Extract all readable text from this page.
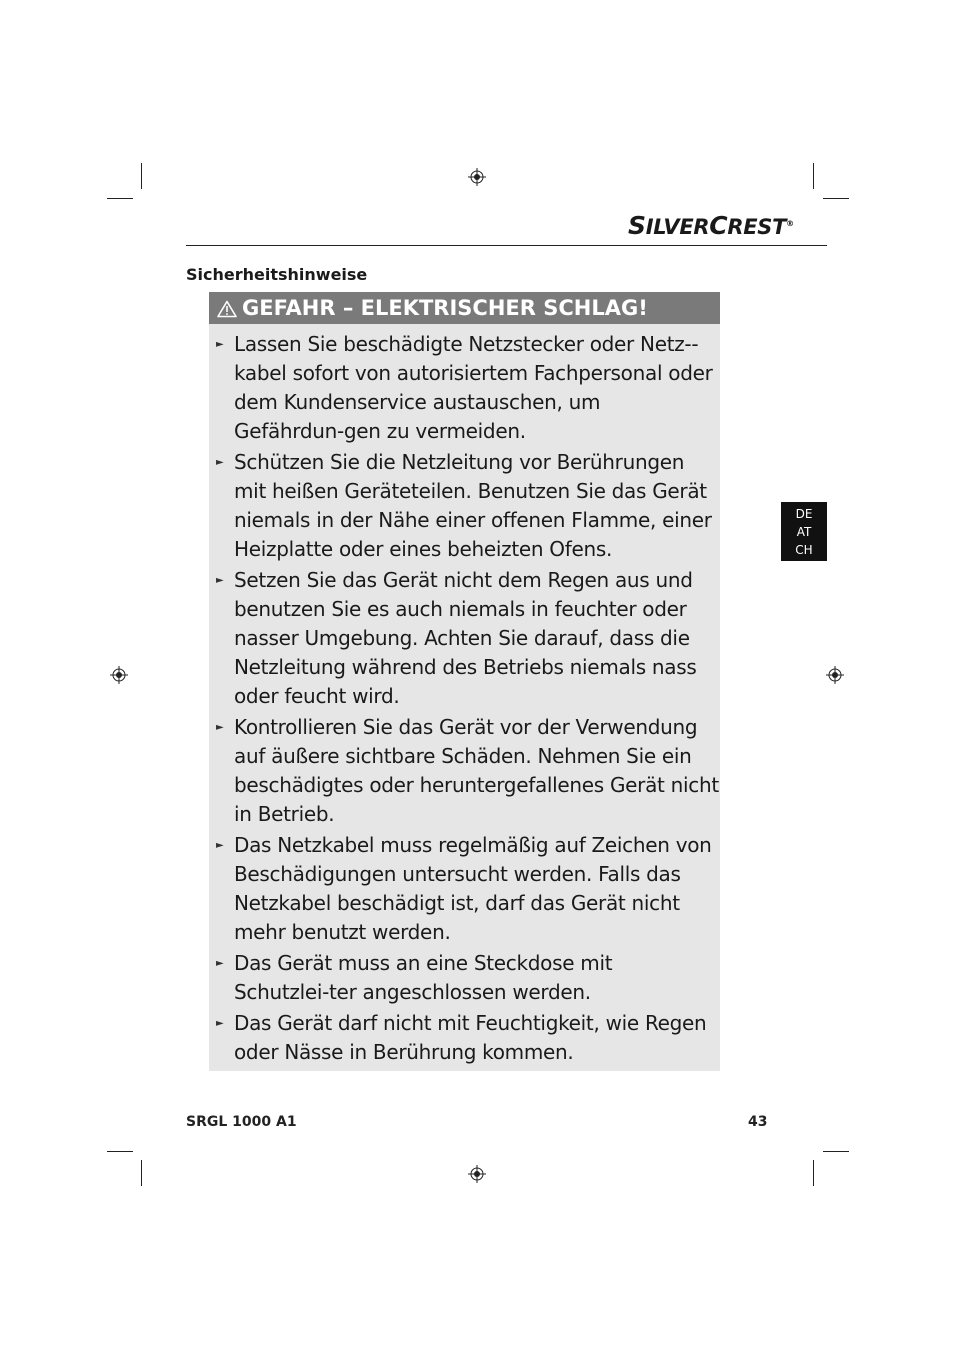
SILVERCREST®
Sicherheitshinweise
GEFAHR – ELEKTRISCHER SCHLAG!
► Lassen Sie beschädigte Netzstecker oder Netz-kabel sofort von autorisiertem Fachpersonal oder dem Kundenservice austauschen, um Gefährdun-gen zu vermeiden.
► Schützen Sie die Netzleitung vor Berührungen mit heißen Geräteteilen. Benutzen Sie das Gerät niemals in der Nähe einer offenen Flamme, einer Heizplatte oder eines beheizten Ofens.
► Setzen Sie das Gerät nicht dem Regen aus und benutzen Sie es auch niemals in feuchter oder nasser Umgebung. Achten Sie darauf, dass die Netzleitung während des Betriebs niemals nass oder feucht wird.
► Kontrollieren Sie das Gerät vor der Verwendung auf äußere sichtbare Schäden. Nehmen Sie ein beschädigtes oder heruntergefallenes Gerät nicht in Betrieb.
► Das Netzkabel muss regelmäßig auf Zeichen von Beschädigungen untersucht werden. Falls das Netzkabel beschädigt ist, darf das Gerät nicht mehr benutzt werden.
► Das Gerät muss an eine Steckdose mit Schutzlei-ter angeschlossen werden.
► Das Gerät darf nicht mit Feuchtigkeit, wie Regen oder Nässe in Berührung kommen.
DE
AT
CH
SRGL 1000 A1	43
